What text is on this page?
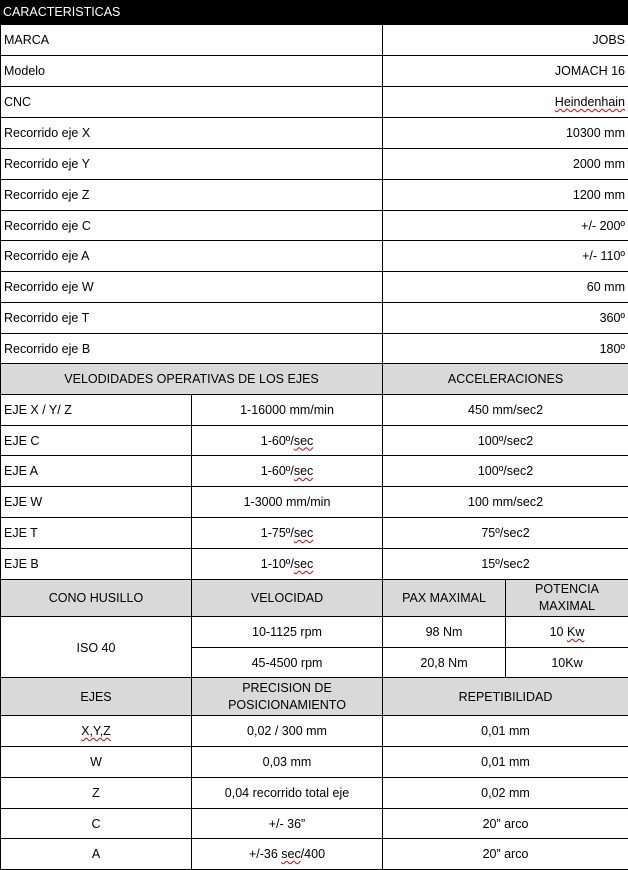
CARACTERISTICAS
MARCA	JOBS
Modelo	JOMACH 16
CNC	Heindenhain
Recorrido eje X	10300 mm
Recorrido eje Y	2000 mm
Recorrido eje Z	1200 mm
Recorrido eje C	+/- 200º
Recorrido eje A	+/- 110º
Recorrido eje W	60 mm
Recorrido eje T	360º
Recorrido eje B	180º
VELODIDADES OPERATIVAS DE LOS EJES		ACCELERACIONES
EJE X / Y/ Z	1-16000 mm/min	450 mm/sec2
EJE C	1-60º/sec	100º/sec2
EJE A	1-60º/sec	100º/sec2
EJE W	1-3000 mm/min	100 mm/sec2
EJE T	1-75º/sec	75º/sec2
EJE B	1-10º/sec	15º/sec2
CONO HUSILLO	VELOCIDAD	PAX MAXIMAL	POTENCIA MAXIMAL
ISO 40	10-1125 rpm	98 Nm	10 Kw
	45-4500 rpm	20,8 Nm	10Kw
EJES	PRECISION DE POSICIONAMIENTO	REPETIBILIDAD
X,Y,Z	0,02 / 300 mm	0,01 mm
W	0,03 mm	0,01 mm
Z	0,04 recorrido total eje	0,02 mm
C	+/- 36”	20” arco
A	+/-36 sec/400	20” arco
